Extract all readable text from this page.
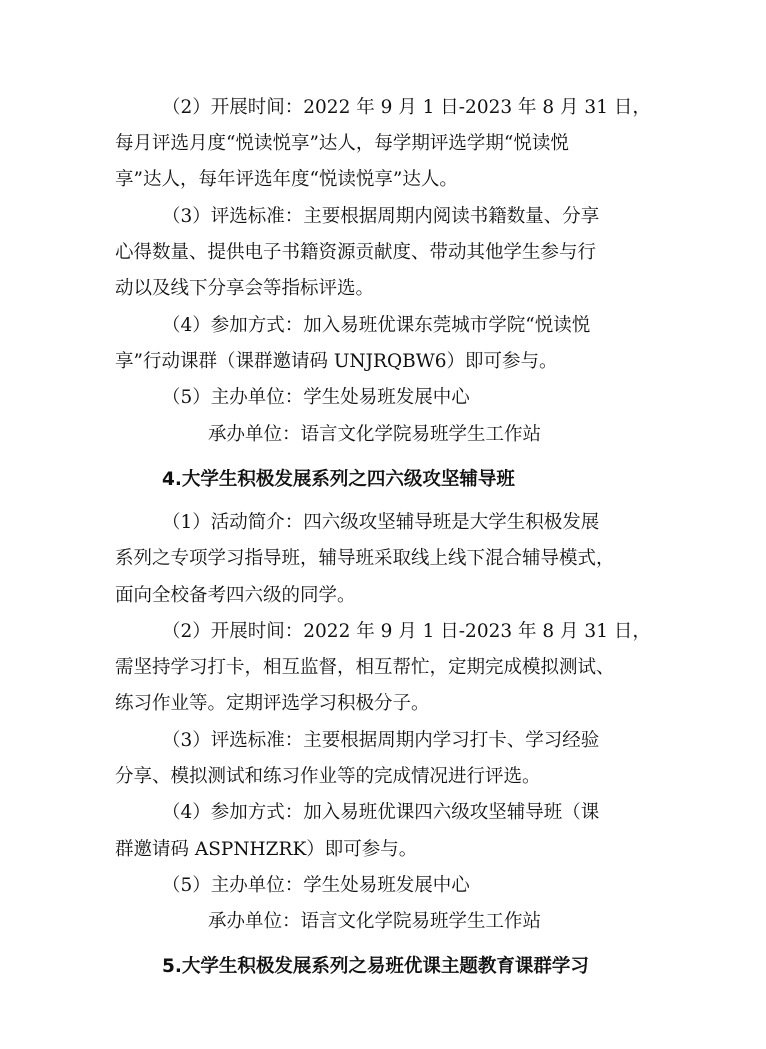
（2）开展时间：2022 年 9 月 1 日-2023 年 8 月 31 日，
每月评选月度“悦读悦享”达人，每学期评选学期“悦读悦
享”达人，每年评选年度“悦读悦享”达人。
（3）评选标准：主要根据周期内阅读书籍数量、分享
心得数量、提供电子书籍资源贡献度、带动其他学生参与行
动以及线下分享会等指标评选。
（4）参加方式：加入易班优课东莞城市学院“悦读悦
享”行动课群（课群邀请码 UNJRQBW6）即可参与。
（5）主办单位：学生处易班发展中心
承办单位：语言文化学院易班学生工作站
4.大学生积极发展系列之四六级攻坚辅导班
（1）活动简介：四六级攻坚辅导班是大学生积极发展
系列之专项学习指导班，辅导班采取线上线下混合辅导模式，
面向全校备考四六级的同学。
（2）开展时间：2022 年 9 月 1 日-2023 年 8 月 31 日，
需坚持学习打卡，相互监督，相互帮忙，定期完成模拟测试、
练习作业等。定期评选学习积极分子。
（3）评选标准：主要根据周期内学习打卡、学习经验
分享、模拟测试和练习作业等的完成情况进行评选。
（4）参加方式：加入易班优课四六级攻坚辅导班（课
群邀请码 ASPNHZRK）即可参与。
（5）主办单位：学生处易班发展中心
承办单位：语言文化学院易班学生工作站
5.大学生积极发展系列之易班优课主题教育课群学习
